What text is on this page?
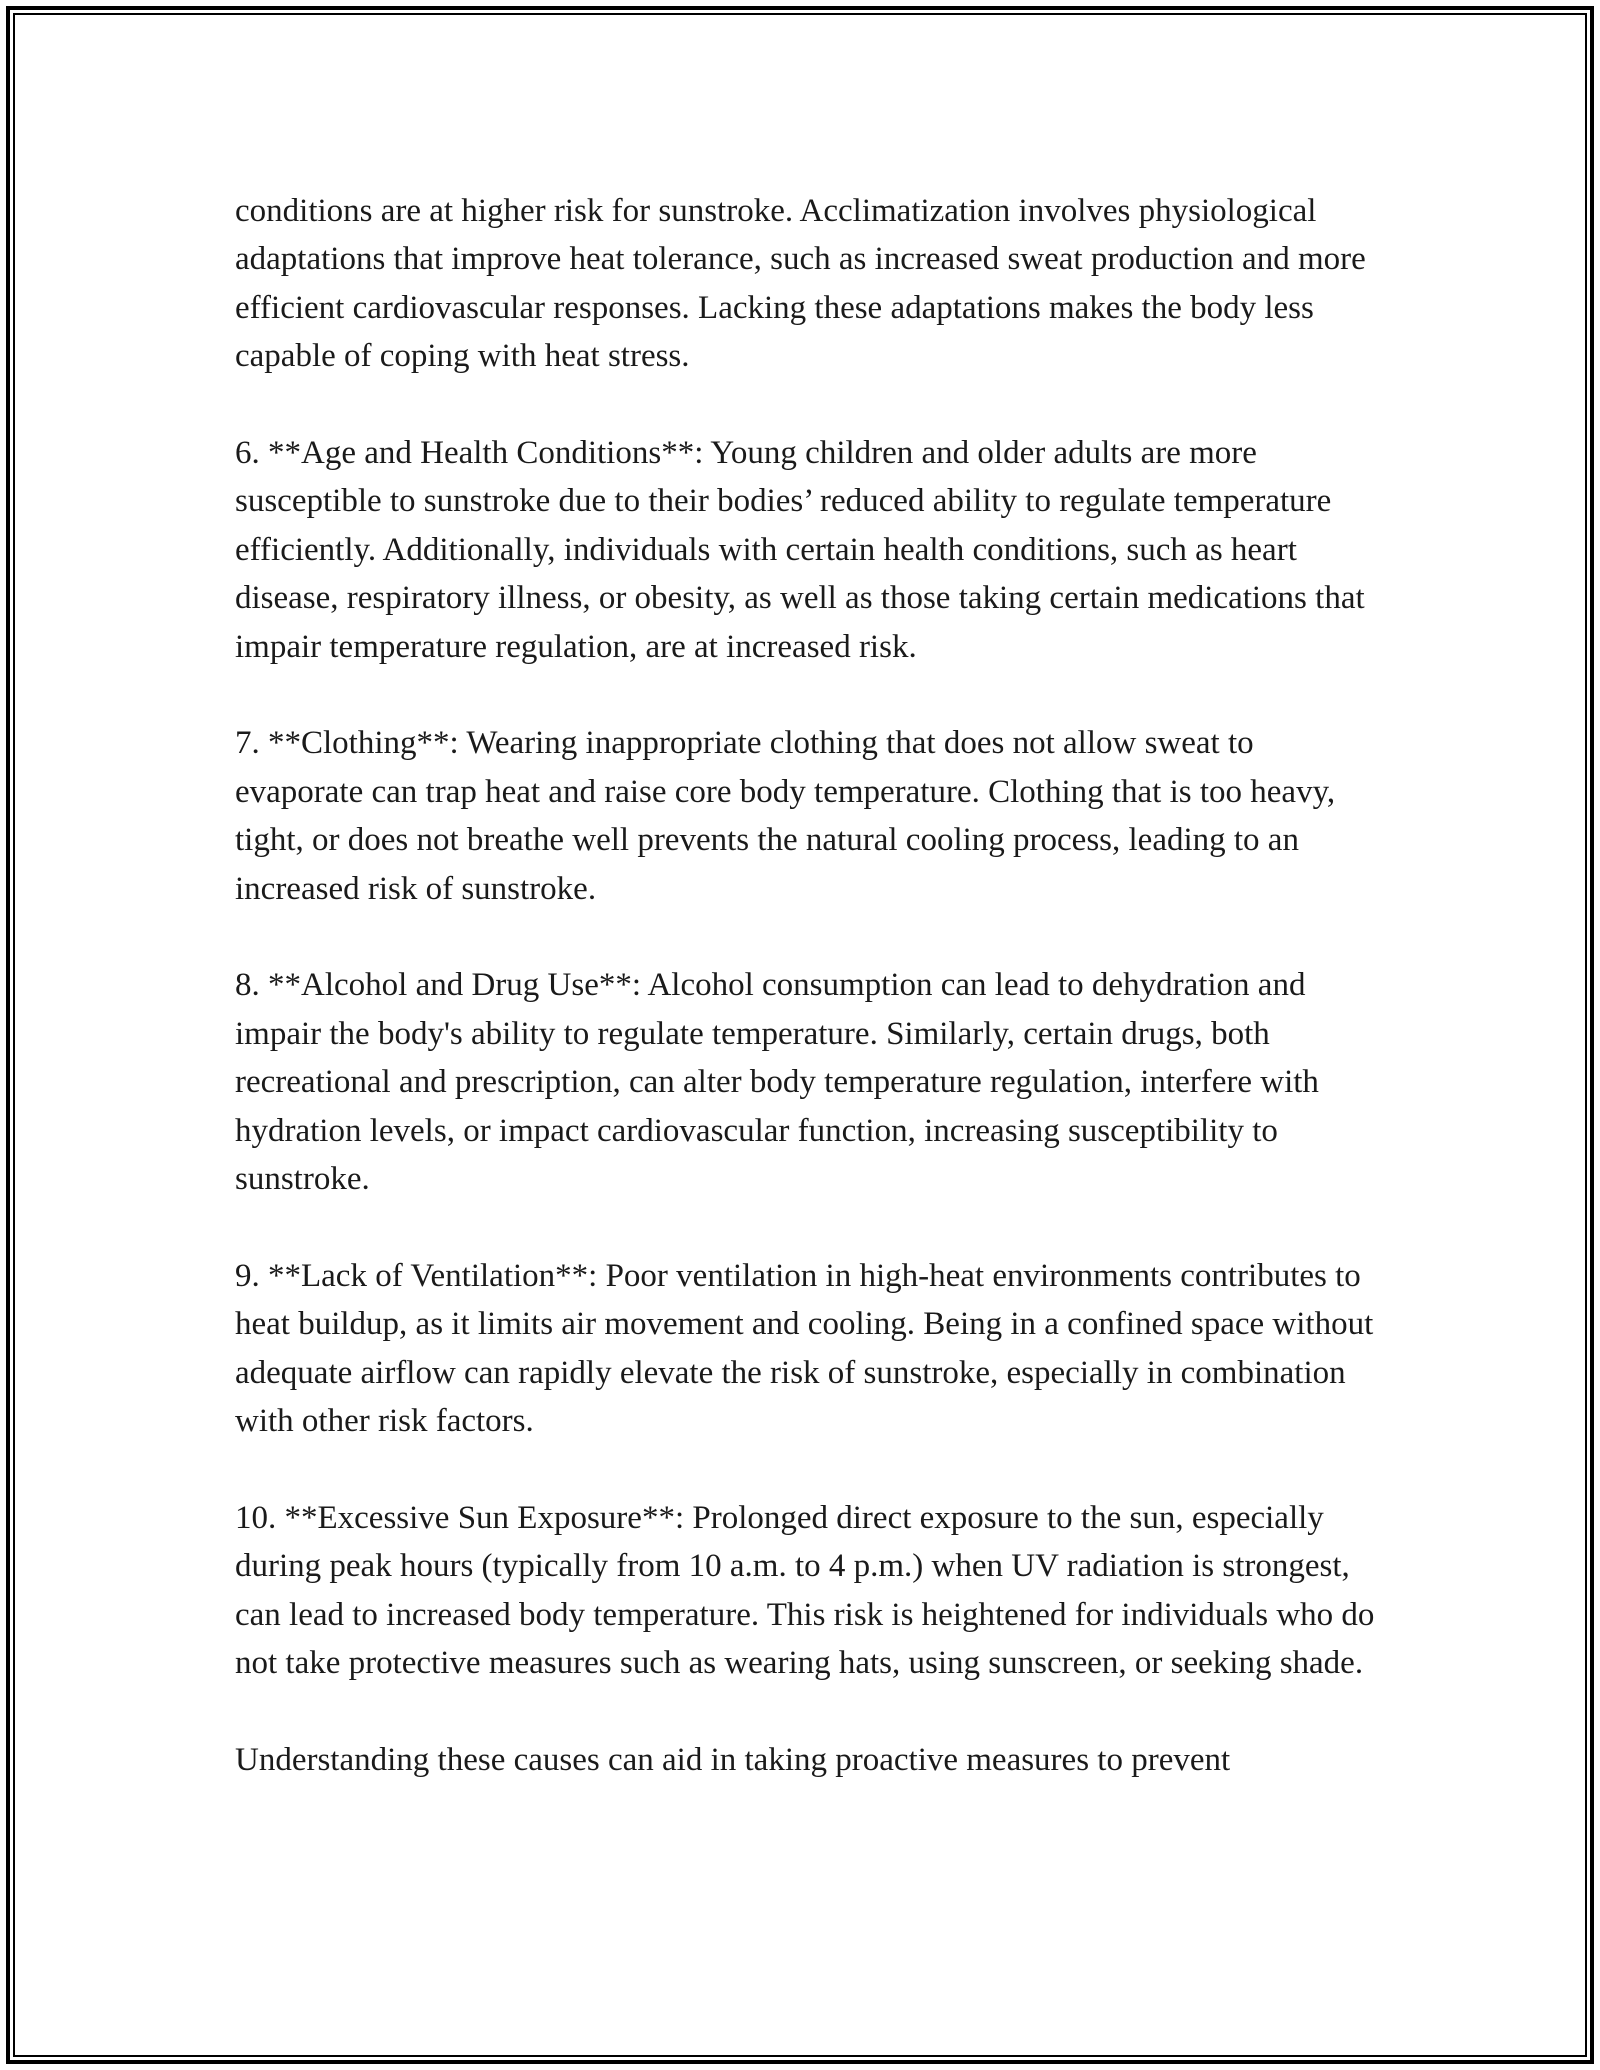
conditions are at higher risk for sunstroke. Acclimatization involves physiological adaptations that improve heat tolerance, such as increased sweat production and more efficient cardiovascular responses. Lacking these adaptations makes the body less capable of coping with heat stress.

6. **Age and Health Conditions**: Young children and older adults are more susceptible to sunstroke due to their bodies’ reduced ability to regulate temperature efficiently. Additionally, individuals with certain health conditions, such as heart disease, respiratory illness, or obesity, as well as those taking certain medications that impair temperature regulation, are at increased risk.

7. **Clothing**: Wearing inappropriate clothing that does not allow sweat to evaporate can trap heat and raise core body temperature. Clothing that is too heavy, tight, or does not breathe well prevents the natural cooling process, leading to an increased risk of sunstroke.

8. **Alcohol and Drug Use**: Alcohol consumption can lead to dehydration and impair the body's ability to regulate temperature. Similarly, certain drugs, both recreational and prescription, can alter body temperature regulation, interfere with hydration levels, or impact cardiovascular function, increasing susceptibility to sunstroke.

9. **Lack of Ventilation**: Poor ventilation in high-heat environments contributes to heat buildup, as it limits air movement and cooling. Being in a confined space without adequate airflow can rapidly elevate the risk of sunstroke, especially in combination with other risk factors.

10. **Excessive Sun Exposure**: Prolonged direct exposure to the sun, especially during peak hours (typically from 10 a.m. to 4 p.m.) when UV radiation is strongest, can lead to increased body temperature. This risk is heightened for individuals who do not take protective measures such as wearing hats, using sunscreen, or seeking shade.

Understanding these causes can aid in taking proactive measures to prevent
